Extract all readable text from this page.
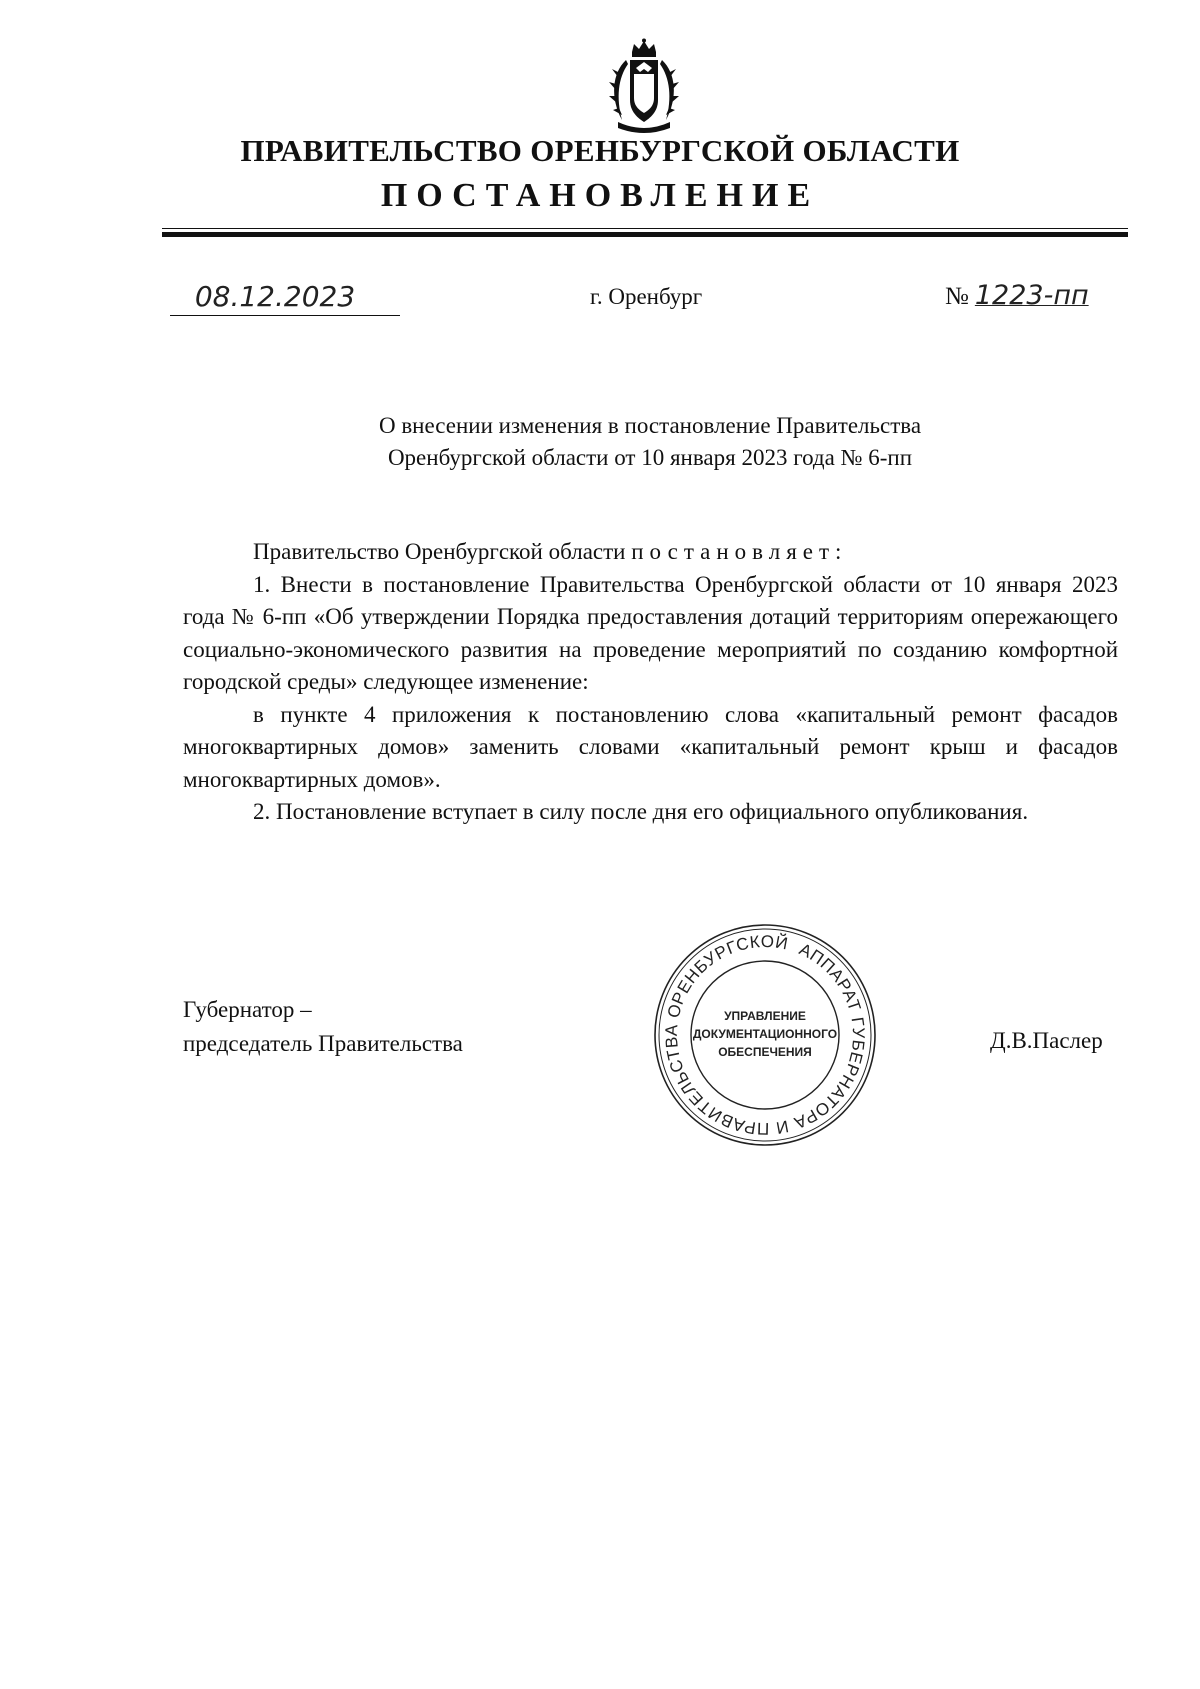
ПРАВИТЕЛЬСТВО ОРЕНБУРГСКОЙ ОБЛАСТИ
ПОСТАНОВЛЕНИЕ
08.12.2023	г. Оренбург	№ 1223-пп
О внесении изменения в постановление Правительства
Оренбургской области от 10 января 2023 года № 6-пп

Правительство Оренбургской области постановляет:

1. Внести в постановление Правительства Оренбургской области от 10 января 2023 года № 6-пп «Об утверждении Порядка предоставления дотаций территориям опережающего социально-экономического развития на проведение мероприятий по созданию комфортной городской среды» следующее изменение:

в пункте 4 приложения к постановлению слова «капитальный ремонт фасадов многоквартирных домов» заменить словами «капитальный ремонт крыш и фасадов многоквартирных домов».

2. Постановление вступает в силу после дня его официального опубликования.

Губернатор –
председатель Правительства	Д.В.Паслер
АППАРАТ ГУБЕРНАТОРА И ПРАВИТЕЛЬСТВА ОРЕНБУРГСКОЙ
УПРАВЛЕНИЕ
ДОКУМЕНТАЦИОННОГО
ОБЕСПЕЧЕНИЯ
